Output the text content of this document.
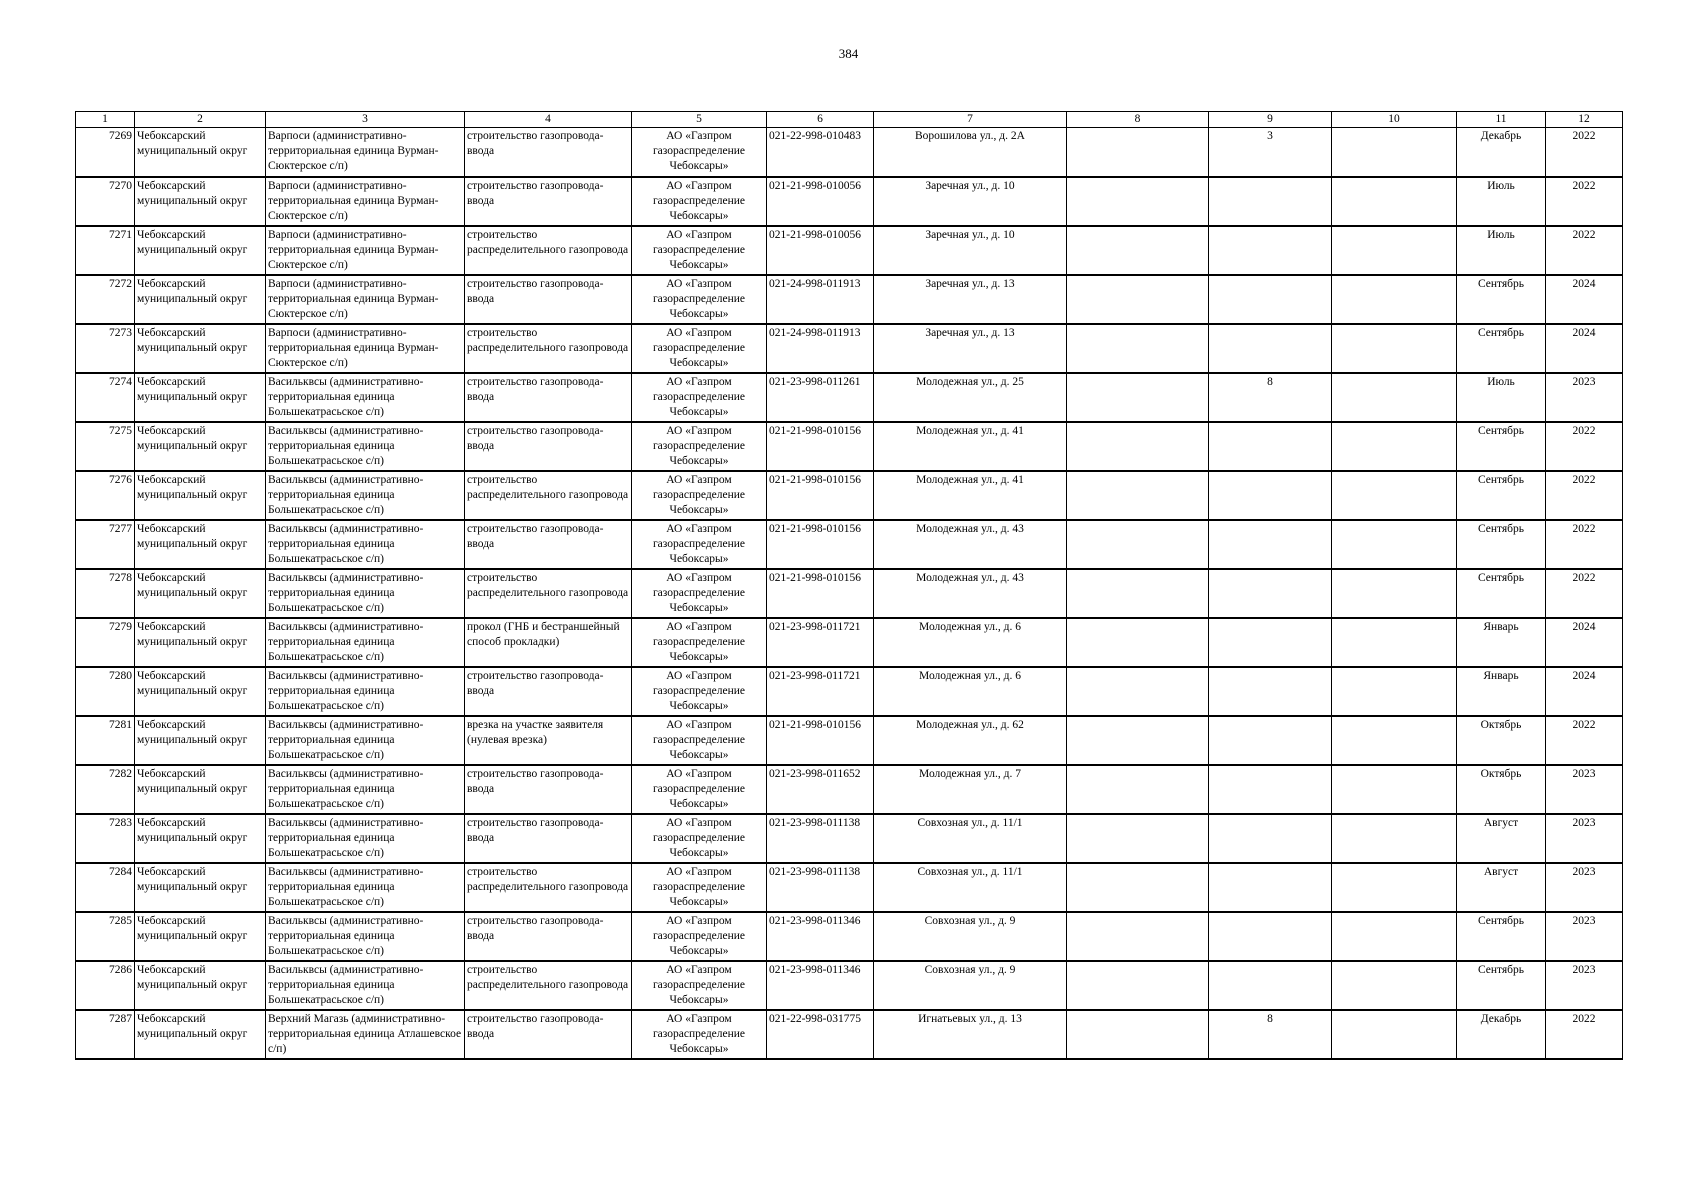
384
1	2	3	4	5	6	7	8	9	10	11	12
7269	Чебоксарский муниципальный округ	Варпоси (административно-территориальная единица Вурман-Сюктерское с/п)	строительство газопровода-ввода	АО «Газпром газораспределение Чебоксары»	021-22-998-010483	Ворошилова ул., д. 2А		3		Декабрь	2022
7270	Чебоксарский муниципальный округ	Варпоси (административно-территориальная единица Вурман-Сюктерское с/п)	строительство газопровода-ввода	АО «Газпром газораспределение Чебоксары»	021-21-998-010056	Заречная ул., д. 10				Июль	2022
7271	Чебоксарский муниципальный округ	Варпоси (административно-территориальная единица Вурман-Сюктерское с/п)	строительство распределительного газопровода	АО «Газпром газораспределение Чебоксары»	021-21-998-010056	Заречная ул., д. 10				Июль	2022
7272	Чебоксарский муниципальный округ	Варпоси (административно-территориальная единица Вурман-Сюктерское с/п)	строительство газопровода-ввода	АО «Газпром газораспределение Чебоксары»	021-24-998-011913	Заречная ул., д. 13				Сентябрь	2024
7273	Чебоксарский муниципальный округ	Варпоси (административно-территориальная единица Вурман-Сюктерское с/п)	строительство распределительного газопровода	АО «Газпром газораспределение Чебоксары»	021-24-998-011913	Заречная ул., д. 13				Сентябрь	2024
7274	Чебоксарский муниципальный округ	Васильквсы (административно-территориальная единица Большекатрасьское с/п)	строительство газопровода-ввода	АО «Газпром газораспределение Чебоксары»	021-23-998-011261	Молодежная ул., д. 25		8		Июль	2023
7275	Чебоксарский муниципальный округ	Васильквсы (административно-территориальная единица Большекатрасьское с/п)	строительство газопровода-ввода	АО «Газпром газораспределение Чебоксары»	021-21-998-010156	Молодежная ул., д. 41				Сентябрь	2022
7276	Чебоксарский муниципальный округ	Васильквсы (административно-территориальная единица Большекатрасьское с/п)	строительство распределительного газопровода	АО «Газпром газораспределение Чебоксары»	021-21-998-010156	Молодежная ул., д. 41				Сентябрь	2022
7277	Чебоксарский муниципальный округ	Васильквсы (административно-территориальная единица Большекатрасьское с/п)	строительство газопровода-ввода	АО «Газпром газораспределение Чебоксары»	021-21-998-010156	Молодежная ул., д. 43				Сентябрь	2022
7278	Чебоксарский муниципальный округ	Васильквсы (административно-территориальная единица Большекатрасьское с/п)	строительство распределительного газопровода	АО «Газпром газораспределение Чебоксары»	021-21-998-010156	Молодежная ул., д. 43				Сентябрь	2022
7279	Чебоксарский муниципальный округ	Васильквсы (административно-территориальная единица Большекатрасьское с/п)	прокол (ГНБ и бестраншейный способ прокладки)	АО «Газпром газораспределение Чебоксары»	021-23-998-011721	Молодежная ул., д. 6				Январь	2024
7280	Чебоксарский муниципальный округ	Васильквсы (административно-территориальная единица Большекатрасьское с/п)	строительство газопровода-ввода	АО «Газпром газораспределение Чебоксары»	021-23-998-011721	Молодежная ул., д. 6				Январь	2024
7281	Чебоксарский муниципальный округ	Васильквсы (административно-территориальная единица Большекатрасьское с/п)	врезка на участке заявителя (нулевая врезка)	АО «Газпром газораспределение Чебоксары»	021-21-998-010156	Молодежная ул., д. 62				Октябрь	2022
7282	Чебоксарский муниципальный округ	Васильквсы (административно-территориальная единица Большекатрасьское с/п)	строительство газопровода-ввода	АО «Газпром газораспределение Чебоксары»	021-23-998-011652	Молодежная ул., д. 7				Октябрь	2023
7283	Чебоксарский муниципальный округ	Васильквсы (административно-территориальная единица Большекатрасьское с/п)	строительство газопровода-ввода	АО «Газпром газораспределение Чебоксары»	021-23-998-011138	Совхозная ул., д. 11/1				Август	2023
7284	Чебоксарский муниципальный округ	Васильквсы (административно-территориальная единица Большекатрасьское с/п)	строительство распределительного газопровода	АО «Газпром газораспределение Чебоксары»	021-23-998-011138	Совхозная ул., д. 11/1				Август	2023
7285	Чебоксарский муниципальный округ	Васильквсы (административно-территориальная единица Большекатрасьское с/п)	строительство газопровода-ввода	АО «Газпром газораспределение Чебоксары»	021-23-998-011346	Совхозная ул., д. 9				Сентябрь	2023
7286	Чебоксарский муниципальный округ	Васильквсы (административно-территориальная единица Большекатрасьское с/п)	строительство распределительного газопровода	АО «Газпром газораспределение Чебоксары»	021-23-998-011346	Совхозная ул., д. 9				Сентябрь	2023
7287	Чебоксарский муниципальный округ	Верхний Магазь (административно-территориальная единица Атлашевское с/п)	строительство газопровода-ввода	АО «Газпром газораспределение Чебоксары»	021-22-998-031775	Игнатьевых ул., д. 13		8		Декабрь	2022
